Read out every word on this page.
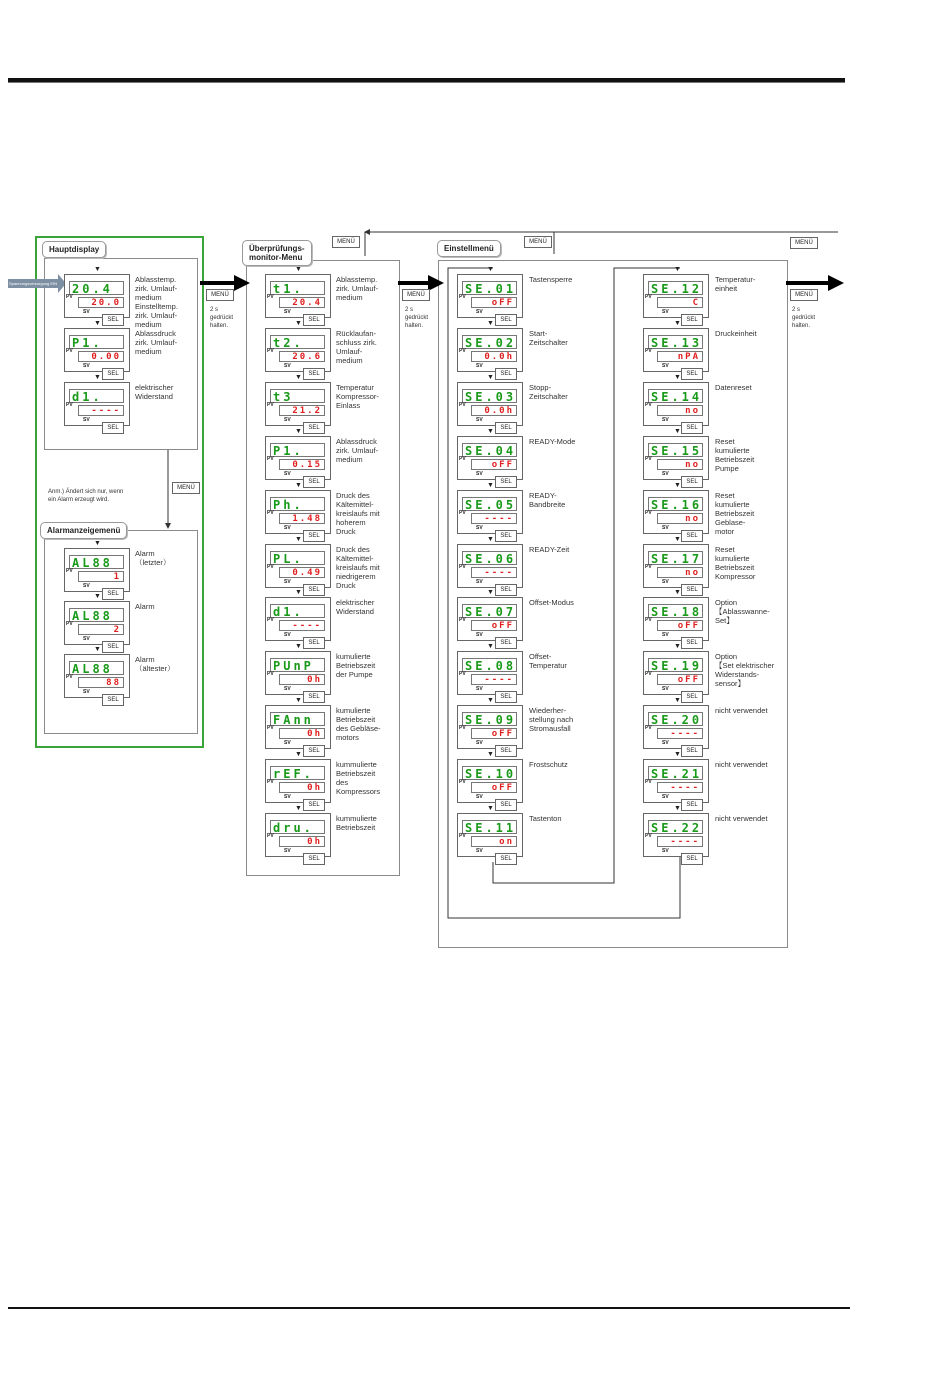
Spannungsversorgung EIN
Hauptdisplay	Überprüfungs-
monitor-Menu
Einstellmenü
Alarmanzeigemenü
MENÜ
2 s
gedrückt
halten.
MENÜ
2 s
gedrückt
halten.
MENÜ
2 s
gedrückt
halten.
MENÜ	MENÜ	MENÜ
MENÜ
Anm.) Ändert sich nur, wenn
ein Alarm erzeugt wird.
20.4
20.0
PV
SV
Ablasstemp.
zirk. Umlauf-
medium
Einstelltemp.
zirk. Umlauf-
medium
SEL
▼
P1.
0.00
PV
SV
Ablassdruck
zirk. Umlauf-
medium
SEL
▼
d1.
----
PV
SV
elektrischer
Widerstand
SEL
▼
AL88
1
PV
SV
Alarm
（letzter）
SEL
▼
AL88
2
PV
SV
Alarm
SEL
▼
AL88
88
PV
SV
Alarm
（ältester）
SEL
▼
t1.
20.4
PV
SV
Ablasstemp.
zirk. Umlauf-
medium
SEL
▼
t2.
20.6
PV
SV
Rücklaufan-
schluss zirk.
Umlauf-
medium
SEL
▼
t3
21.2
PV
SV
Temperatur
Kompressor-
Einlass
SEL
▼
P1.
0.15
PV
SV
Ablassdruck
zirk. Umlauf-
medium
SEL
▼
Ph.
1.48
PV
SV
Druck des
Kältemittel-
kreislaufs mit
hoherem
Druck
SEL
▼
PL.
0.49
PV
SV
Druck des
Kältemittel-
kreislaufs mit
niedrigerem
Druck
SEL
▼
d1.
----
PV
SV
elektrischer
Widerstand
SEL
▼
PUnP
0h
PV
SV
kumulierte
Betriebszeit
der Pumpe
SEL
▼
FAnn
0h
PV
SV
kumulierte
Betriebszeit
des Gebläse-
motors
SEL
▼
rEF.
0h
PV
SV
kummulierte
Betriebszeit
des
Kompressors
SEL
▼
dru.
0h
PV
SV
kummulierte
Betriebszeit
SEL
▼
SE.01
oFF
PV
SV
Tastensperre
SEL
▼
SE.02
0.0h
PV
SV
Start-
Zeitschalter
SEL
▼
SE.03
0.0h
PV
SV
Stopp-
Zeitschalter
SEL
▼
SE.04
oFF
PV
SV
READY-Mode
SEL
▼
SE.05
----
PV
SV
READY-
Bandbreite
SEL
▼
SE.06
----
PV
SV
READY-Zeit
SEL
▼
SE.07
oFF
PV
SV
Offset-Modus
SEL
▼
SE.08
----
PV
SV
Offset-
Temperatur
SEL
▼
SE.09
oFF
PV
SV
Wiederher-
stellung nach
Stromausfall
SEL
▼
SE.10
oFF
PV
SV
Frostschutz
SEL
▼
SE.11
on
PV
SV
Tastenton
SEL
▼
SE.12
C
PV
SV
Temperatur-
einheit
SEL
▼
SE.13
nPA
PV
SV
Druckeinheit
SEL
▼
SE.14
no
PV
SV
Datenreset
SEL
▼
SE.15
no
PV
SV
Reset
kumulierte
Betriebszeit
Pumpe
SEL
▼
SE.16
no
PV
SV
Reset
kumulierte
Betriebszeit
Geblase-
motor
SEL
▼
SE.17
no
PV
SV
Reset
kumulierte
Betriebszeit
Kompressor
SEL
▼
SE.18
oFF
PV
SV
Option
【Ablasswanne-
Set】
SEL
▼
SE.19
oFF
PV
SV
Option
【Set elektrischer
Widerstands-
sensor】
SEL
▼
SE.20
----
PV
SV
nicht verwendet
SEL
▼
SE.21
----
PV
SV
nicht verwendet
SEL
▼
SE.22
----
PV
SV
nicht verwendet
SEL
▼
